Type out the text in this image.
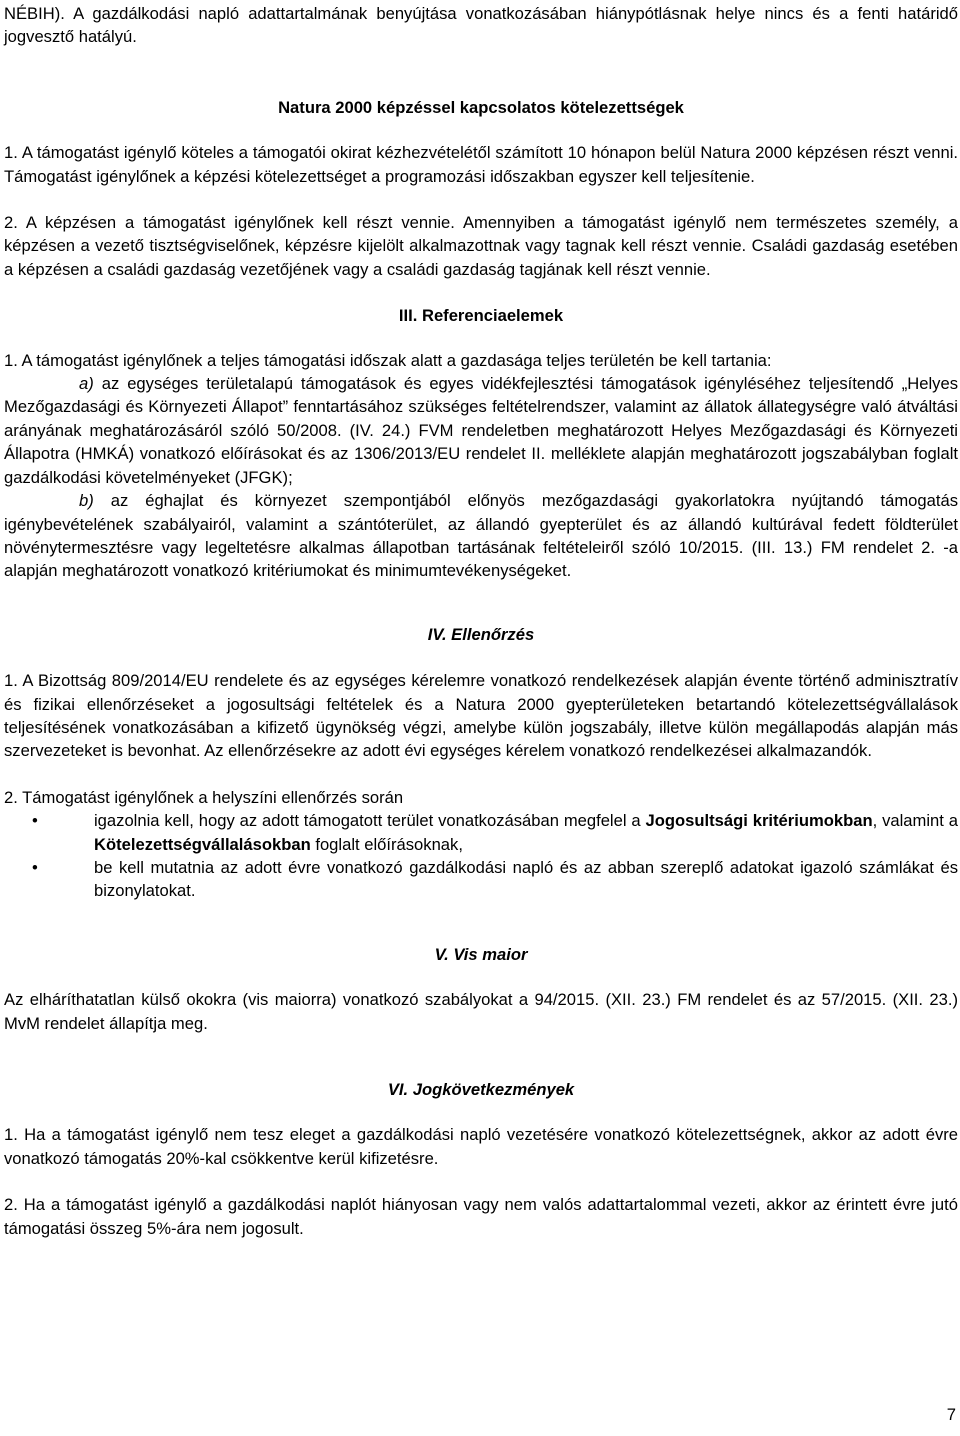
NÉBIH). A gazdálkodási napló adattartalmának benyújtása vonatkozásában hiánypótlásnak helye nincs és a fenti határidő jogvesztő hatályú.

Natura 2000 képzéssel kapcsolatos kötelezettségek

1. A támogatást igénylő köteles a támogatói okirat kézhezvételétől számított 10 hónapon belül Natura 2000 képzésen részt venni. Támogatást igénylőnek a képzési kötelezettséget a programozási időszakban egyszer kell teljesítenie.

2. A képzésen a támogatást igénylőnek kell részt vennie. Amennyiben a támogatást igénylő nem természetes személy, a képzésen a vezető tisztségviselőnek, képzésre kijelölt alkalmazottnak vagy tagnak kell részt vennie. Családi gazdaság esetében a képzésen a családi gazdaság vezetőjének vagy a családi gazdaság tagjának kell részt vennie.

III. Referenciaelemek

1. A támogatást igénylőnek a teljes támogatási időszak alatt a gazdasága teljes területén be kell tartania:

a) az egységes területalapú támogatások és egyes vidékfejlesztési támogatások igényléséhez teljesítendő „Helyes Mezőgazdasági és Környezeti Állapot” fenntartásához szükséges feltételrendszer, valamint az állatok állategységre való átváltási arányának meghatározásáról szóló 50/2008. (IV. 24.) FVM rendeletben meghatározott Helyes Mezőgazdasági és Környezeti Állapotra (HMKÁ) vonatkozó előírásokat és az 1306/2013/EU rendelet II. melléklete alapján meghatározott jogszabályban foglalt gazdálkodási követelményeket (JFGK);

b) az éghajlat és környezet szempontjából előnyös mezőgazdasági gyakorlatokra nyújtandó támogatás igénybevételének szabályairól, valamint a szántóterület, az állandó gyepterület és az állandó kultúrával fedett földterület növénytermesztésre vagy legeltetésre alkalmas állapotban tartásának feltételeiről szóló 10/2015. (III. 13.) FM rendelet 2. -a alapján meghatározott vonatkozó kritériumokat és minimumtevékenységeket.

IV. Ellenőrzés

1. A Bizottság 809/2014/EU rendelete és az egységes kérelemre vonatkozó rendelkezések alapján évente történő adminisztratív és fizikai ellenőrzéseket a jogosultsági feltételek és a Natura 2000 gyepterületeken betartandó kötelezettségvállalások teljesítésének vonatkozásában a kifizető ügynökség végzi, amelybe külön jogszabály, illetve külön megállapodás alapján más szervezeteket is bevonhat. Az ellenőrzésekre az adott évi egységes kérelem vonatkozó rendelkezései alkalmazandók.

2. Támogatást igénylőnek a helyszíni ellenőrzés során

•	igazolnia kell, hogy az adott támogatott terület vonatkozásában megfelel a Jogosultsági kritériumokban, valamint a Kötelezettségvállalásokban foglalt előírásoknak,
•	be kell mutatnia az adott évre vonatkozó gazdálkodási napló és az abban szereplő adatokat igazoló számlákat és bizonylatokat.
V. Vis maior

Az elháríthatatlan külső okokra (vis maiorra) vonatkozó szabályokat a 94/2015. (XII. 23.) FM rendelet és az 57/2015. (XII. 23.) MvM rendelet állapítja meg.

VI. Jogkövetkezmények

1. Ha a támogatást igénylő nem tesz eleget a gazdálkodási napló vezetésére vonatkozó kötelezettségnek, akkor az adott évre vonatkozó támogatás 20%-kal csökkentve kerül kifizetésre.

2. Ha a támogatást igénylő a gazdálkodási naplót hiányosan vagy nem valós adattartalommal vezeti, akkor az érintett évre jutó támogatási összeg 5%-ára nem jogosult.

7
